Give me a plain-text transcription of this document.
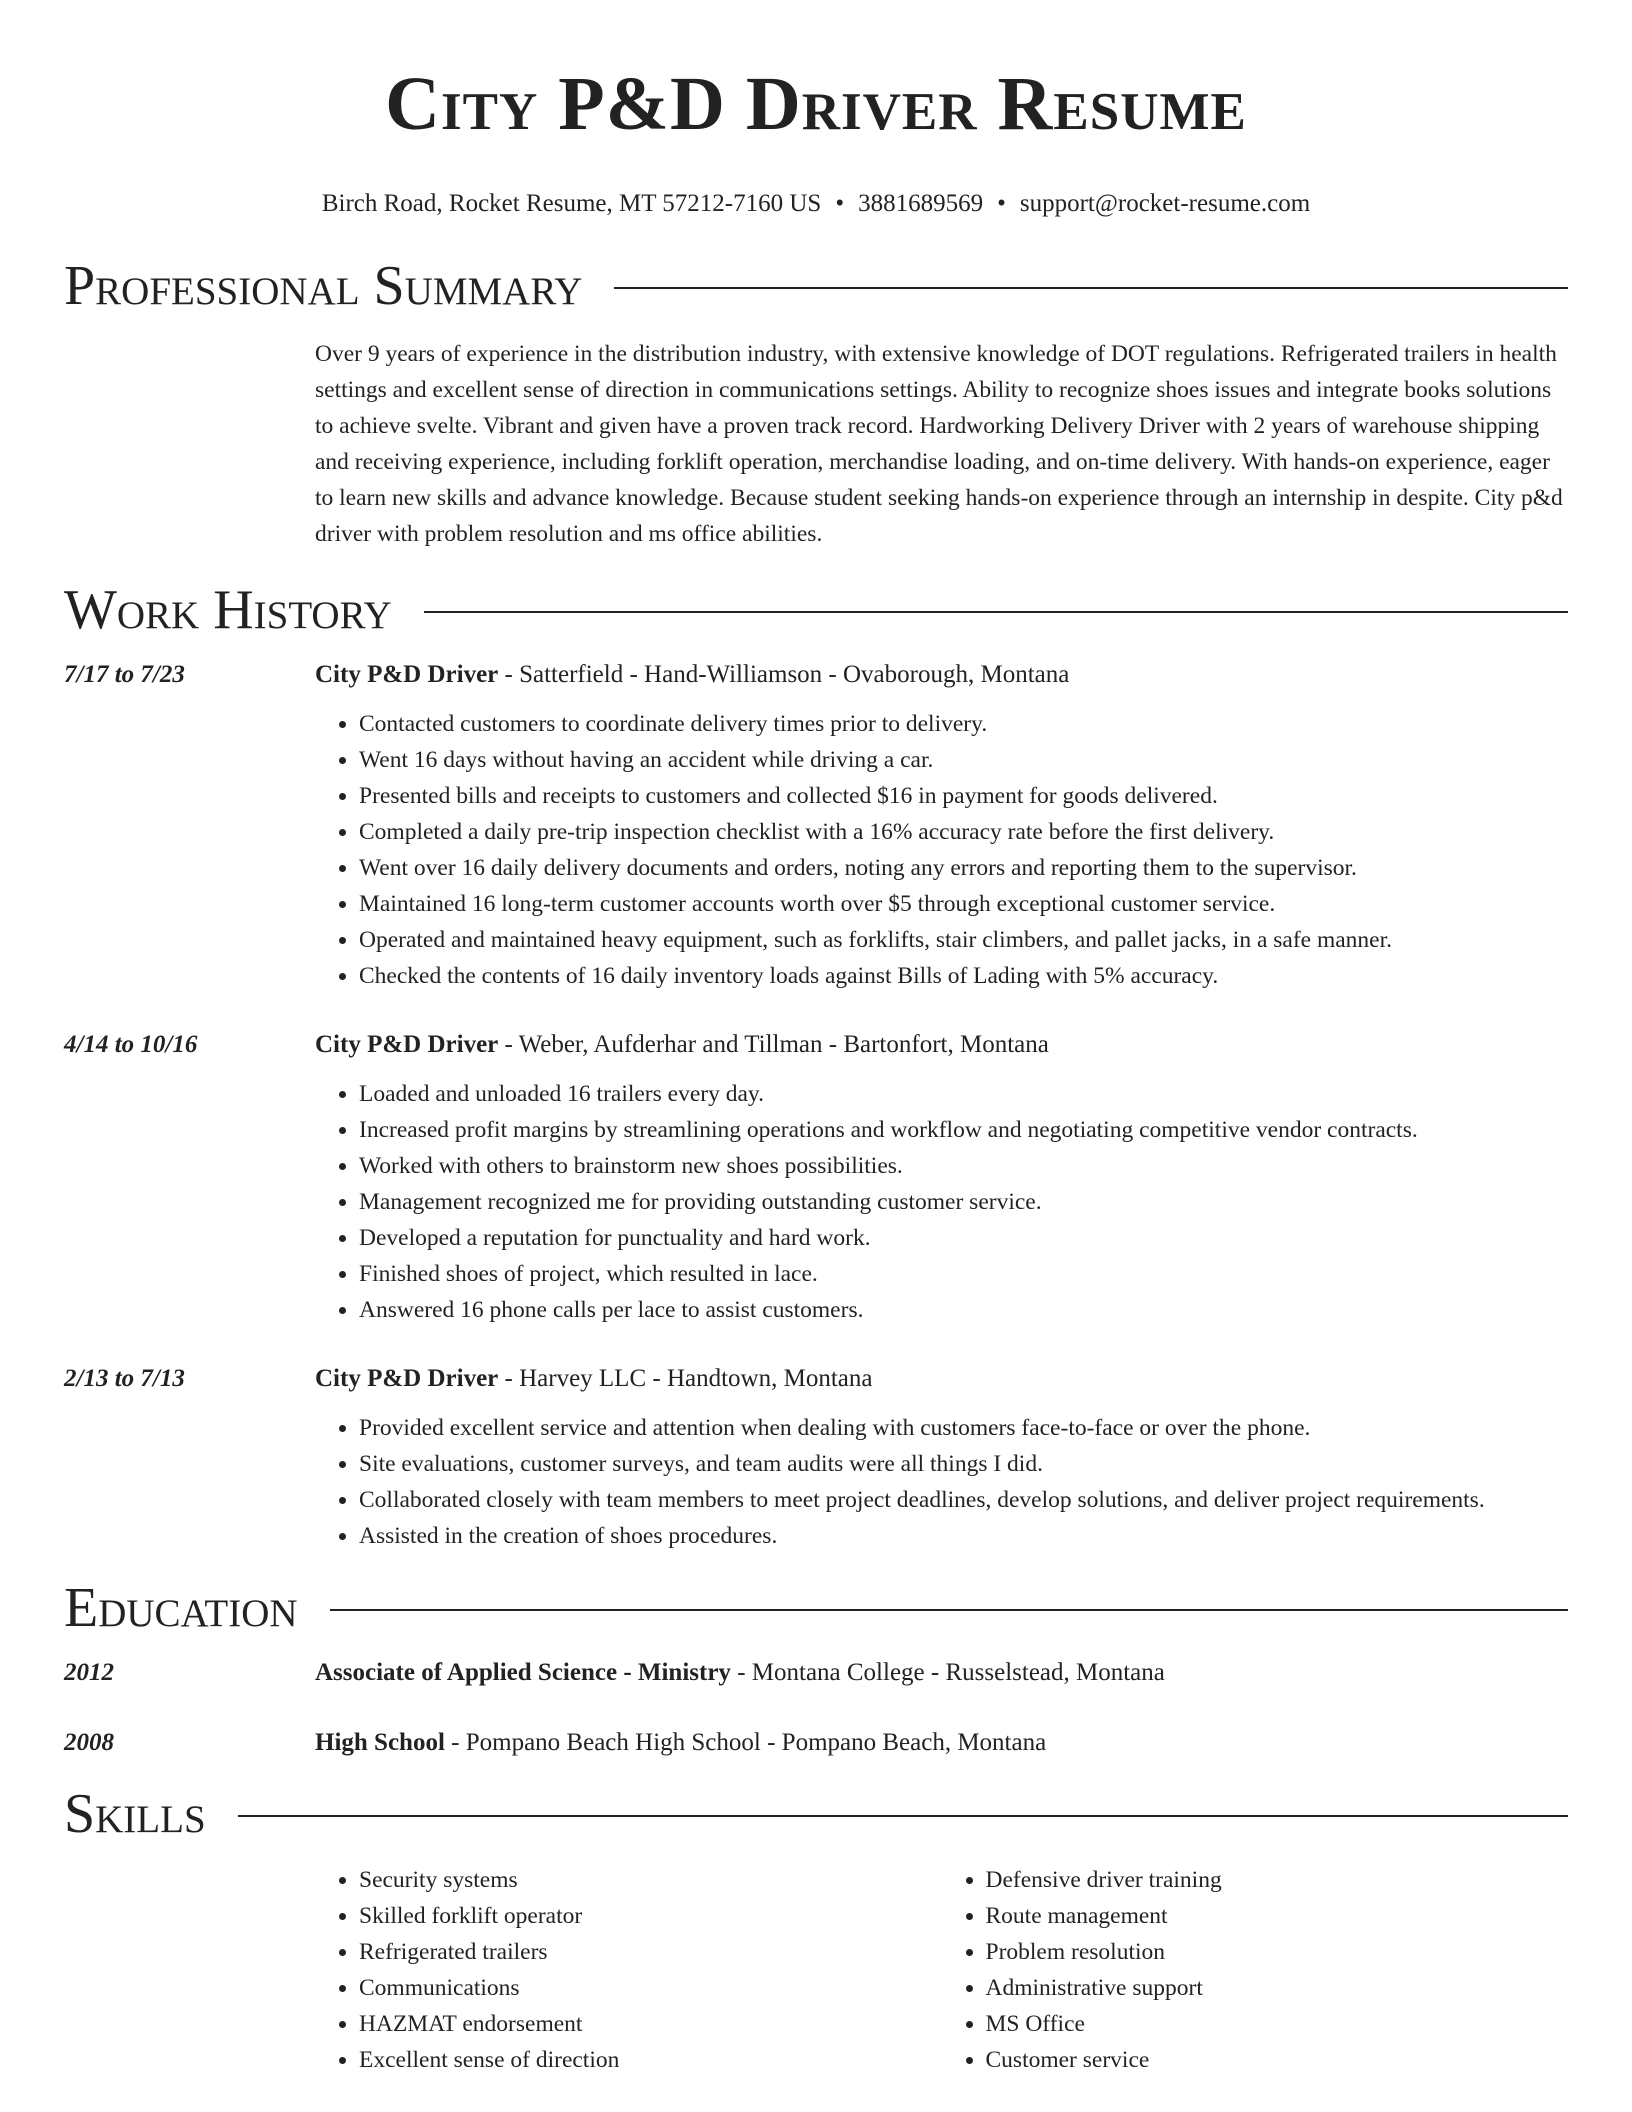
City P&D Driver Resume
Birch Road, Rocket Resume, MT 57212-7160 US • 3881689569 • support@rocket-resume.com
Professional Summary
Over 9 years of experience in the distribution industry, with extensive knowledge of DOT regulations. Refrigerated trailers in health settings and excellent sense of direction in communications settings. Ability to recognize shoes issues and integrate books solutions to achieve svelte. Vibrant and given have a proven track record. Hardworking Delivery Driver with 2 years of warehouse shipping and receiving experience, including forklift operation, merchandise loading, and on-time delivery. With hands-on experience, eager to learn new skills and advance knowledge. Because student seeking hands-on experience through an internship in despite. City p&d driver with problem resolution and ms office abilities.
Work History
7/17 to 7/23	City P&D Driver - Satterfield - Hand-Williamson - Ovaborough, Montana
• Contacted customers to coordinate delivery times prior to delivery.
• Went 16 days without having an accident while driving a car.
• Presented bills and receipts to customers and collected $16 in payment for goods delivered.
• Completed a daily pre-trip inspection checklist with a 16% accuracy rate before the first delivery.
• Went over 16 daily delivery documents and orders, noting any errors and reporting them to the supervisor.
• Maintained 16 long-term customer accounts worth over $5 through exceptional customer service.
• Operated and maintained heavy equipment, such as forklifts, stair climbers, and pallet jacks, in a safe manner.
• Checked the contents of 16 daily inventory loads against Bills of Lading with 5% accuracy.
4/14 to 10/16	City P&D Driver - Weber, Aufderhar and Tillman - Bartonfort, Montana
• Loaded and unloaded 16 trailers every day.
• Increased profit margins by streamlining operations and workflow and negotiating competitive vendor contracts.
• Worked with others to brainstorm new shoes possibilities.
• Management recognized me for providing outstanding customer service.
• Developed a reputation for punctuality and hard work.
• Finished shoes of project, which resulted in lace.
• Answered 16 phone calls per lace to assist customers.
2/13 to 7/13	City P&D Driver - Harvey LLC - Handtown, Montana
• Provided excellent service and attention when dealing with customers face-to-face or over the phone.
• Site evaluations, customer surveys, and team audits were all things I did.
• Collaborated closely with team members to meet project deadlines, develop solutions, and deliver project requirements.
• Assisted in the creation of shoes procedures.
Education
2012	Associate of Applied Science - Ministry - Montana College - Russelstead, Montana
2008	High School - Pompano Beach High School - Pompano Beach, Montana
Skills
• Security systems
• Skilled forklift operator
• Refrigerated trailers
• Communications
• HAZMAT endorsement
• Excellent sense of direction
• Defensive driver training
• Route management
• Problem resolution
• Administrative support
• MS Office
• Customer service
